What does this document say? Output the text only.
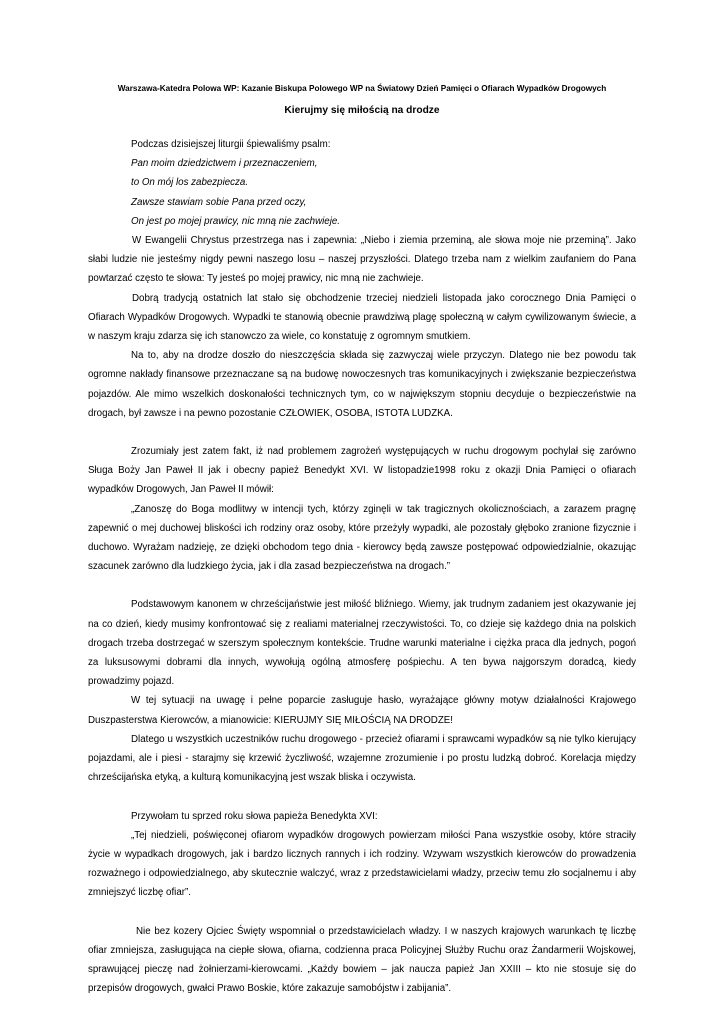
Warszawa-Katedra Polowa WP: Kazanie Biskupa Polowego WP na Światowy Dzień Pamięci o Ofiarach Wypadków Drogowych
Kierujmy się miłością na drodze

Podczas dzisiejszej liturgii śpiewaliśmy psalm:

Pan moim dziedzictwem i przeznaczeniem,

to On mój los zabezpiecza.

Zawsze stawiam sobie Pana przed oczy,

On jest po mojej prawicy, nic mną nie zachwieje.

W Ewangelii Chrystus przestrzega nas i zapewnia: „Niebo i ziemia przeminą, ale słowa moje nie przeminą”. Jako słabi ludzie nie jesteśmy nigdy pewni naszego losu – naszej przyszłości. Dlatego trzeba nam z wielkim zaufaniem do Pana powtarzać często te słowa: Ty jesteś po mojej prawicy, nic mną nie zachwieje.

Dobrą tradycją ostatnich lat stało się obchodzenie trzeciej niedzieli listopada jako corocznego Dnia Pamięci o Ofiarach Wypadków Drogowych. Wypadki te stanowią obecnie prawdziwą plagę społeczną w całym cywilizowanym świecie, a w naszym kraju zdarza się ich stanowczo za wiele, co konstatuję z ogromnym smutkiem.

Na to, aby na drodze doszło do nieszczęścia składa się zazwyczaj wiele przyczyn. Dlatego nie bez powodu tak ogromne nakłady finansowe przeznaczane są na budowę nowoczesnych tras komunikacyjnych i zwiększanie bezpieczeństwa pojazdów. Ale mimo wszelkich doskonałości technicznych tym, co w największym stopniu decyduje o bezpieczeństwie na drogach, był zawsze i na pewno pozostanie CZŁOWIEK, OSOBA, ISTOTA LUDZKA.

Zrozumiały jest zatem fakt, iż nad problemem zagrożeń występujących w ruchu drogowym pochylał się zarówno Sługa Boży Jan Paweł II jak i obecny papież Benedykt XVI. W listopadzie1998 roku z okazji Dnia Pamięci o ofiarach wypadków Drogowych, Jan Paweł II mówił:

„Zanoszę do Boga modlitwy w intencji tych, którzy zginęli w tak tragicznych okolicznościach, a zarazem pragnę zapewnić o mej duchowej bliskości ich rodziny oraz osoby, które przeżyły wypadki, ale pozostały głęboko zranione fizycznie i duchowo. Wyrażam nadzieję, ze dzięki obchodom tego dnia - kierowcy będą zawsze postępować odpowiedzialnie, okazując szacunek zarówno dla ludzkiego życia, jak i dla zasad bezpieczeństwa na drogach.”

Podstawowym kanonem w chrześcijaństwie jest miłość bliźniego. Wiemy, jak trudnym zadaniem jest okazywanie jej na co dzień, kiedy musimy konfrontować się z realiami materialnej rzeczywistości. To, co dzieje się każdego dnia na polskich drogach trzeba dostrzegać w szerszym społecznym kontekście. Trudne warunki materialne i ciężka praca dla jednych, pogoń za luksusowymi dobrami dla innych, wywołują ogólną atmosferę pośpiechu. A ten bywa najgorszym doradcą, kiedy prowadzimy pojazd.

W tej sytuacji na uwagę i pełne poparcie zasługuje hasło, wyrażające główny motyw działalności Krajowego Duszpasterstwa Kierowców, a mianowicie: KIERUJMY SIĘ MIŁOŚCIĄ NA DRODZE!

Dlatego u wszystkich uczestników ruchu drogowego - przecież ofiarami i sprawcami wypadków są nie tylko kierujący pojazdami, ale i piesi - starajmy się krzewić życzliwość, wzajemne zrozumienie i po prostu ludzką dobroć. Korelacja między chrześcijańska etyką, a kulturą komunikacyjną jest wszak bliska i oczywista.

Przywołam tu sprzed roku słowa papieża Benedykta XVI:

„Tej niedzieli, poświęconej ofiarom wypadków drogowych powierzam miłości Pana wszystkie osoby, które straciły życie w wypadkach drogowych, jak i bardzo licznych rannych i ich rodziny. Wzywam wszystkich kierowców do prowadzenia rozważnego i odpowiedzialnego, aby skutecznie walczyć, wraz z przedstawicielami władzy, przeciw temu zło socjalnemu i aby zmniejszyć liczbę ofiar”.

Nie bez kozery Ojciec Święty wspomniał o przedstawicielach władzy. I w naszych krajowych warunkach tę liczbę ofiar zmniejsza, zasługująca na ciepłe słowa, ofiarna, codzienna praca Policyjnej Służby Ruchu oraz Żandarmerii Wojskowej, sprawującej pieczę nad żołnierzami-kierowcami. „Każdy bowiem – jak naucza papież Jan XXIII – kto nie stosuje się do przepisów drogowych, gwałci Prawo Boskie, które zakazuje samobójstw i zabijania”.
